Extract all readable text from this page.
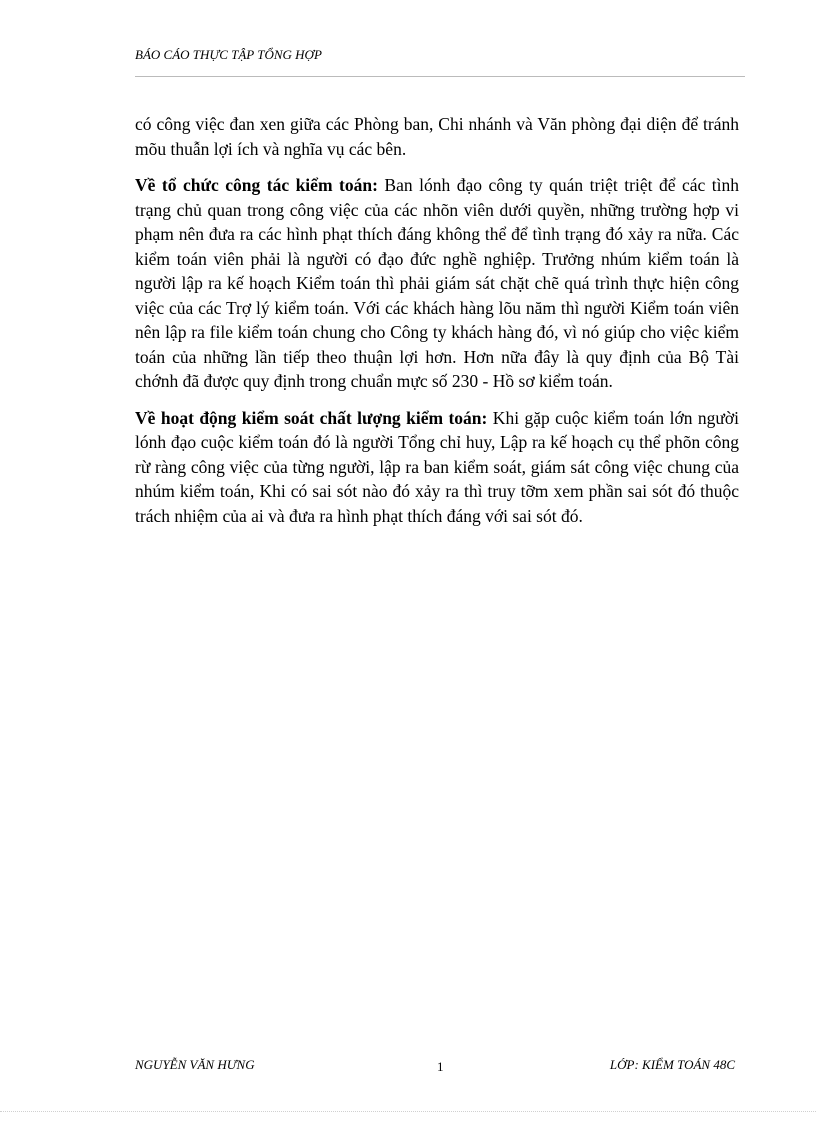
BÁO CÁO THỰC TẬP TỔNG HỢP

có công việc đan xen giữa các Phòng ban, Chi nhánh và Văn phòng đại diện để tránh mõu thuẫn lợi ích và nghĩa vụ các bên.

Về tổ chức công tác kiểm toán: Ban lónh đạo công ty quán triệt triệt để các tình trạng chủ quan trong công việc của các nhõn viên dưới quyền, những trường hợp vi phạm nên đưa ra các hình phạt thích đáng không thể để tình trạng đó xảy ra nữa. Các kiểm toán viên phải là người có đạo đức nghề nghiệp. Trưởng nhúm kiểm toán là người lập ra kế hoạch Kiểm toán thì phải giám sát chặt chẽ quá trình thực hiện công việc của các Trợ lý kiểm toán. Với các khách hàng lõu năm thì người Kiểm toán viên nên lập ra file kiểm toán chung cho Công ty khách hàng đó, vì nó giúp cho việc kiểm toán của những lần tiếp theo thuận lợi hơn. Hơn nữa đây là quy định của Bộ Tài chớnh đã được quy định trong chuẩn mực số 230 - Hồ sơ kiểm toán.

Về hoạt động kiểm soát chất lượng kiểm toán: Khi gặp cuộc kiểm toán lớn người lónh đạo cuộc kiểm toán đó là người Tổng chỉ huy, Lập ra kế hoạch cụ thể phõn công rừ ràng công việc của từng người, lập ra ban kiểm soát, giám sát công việc chung của nhúm kiểm toán, Khi có sai sót nào đó xảy ra thì truy tỡm xem phần sai sót đó thuộc trách nhiệm của ai và đưa ra hình phạt thích đáng với sai sót đó.

NGUYỄN VĂN HƯNG	1	LỚP: KIỂM TOÁN 48C
